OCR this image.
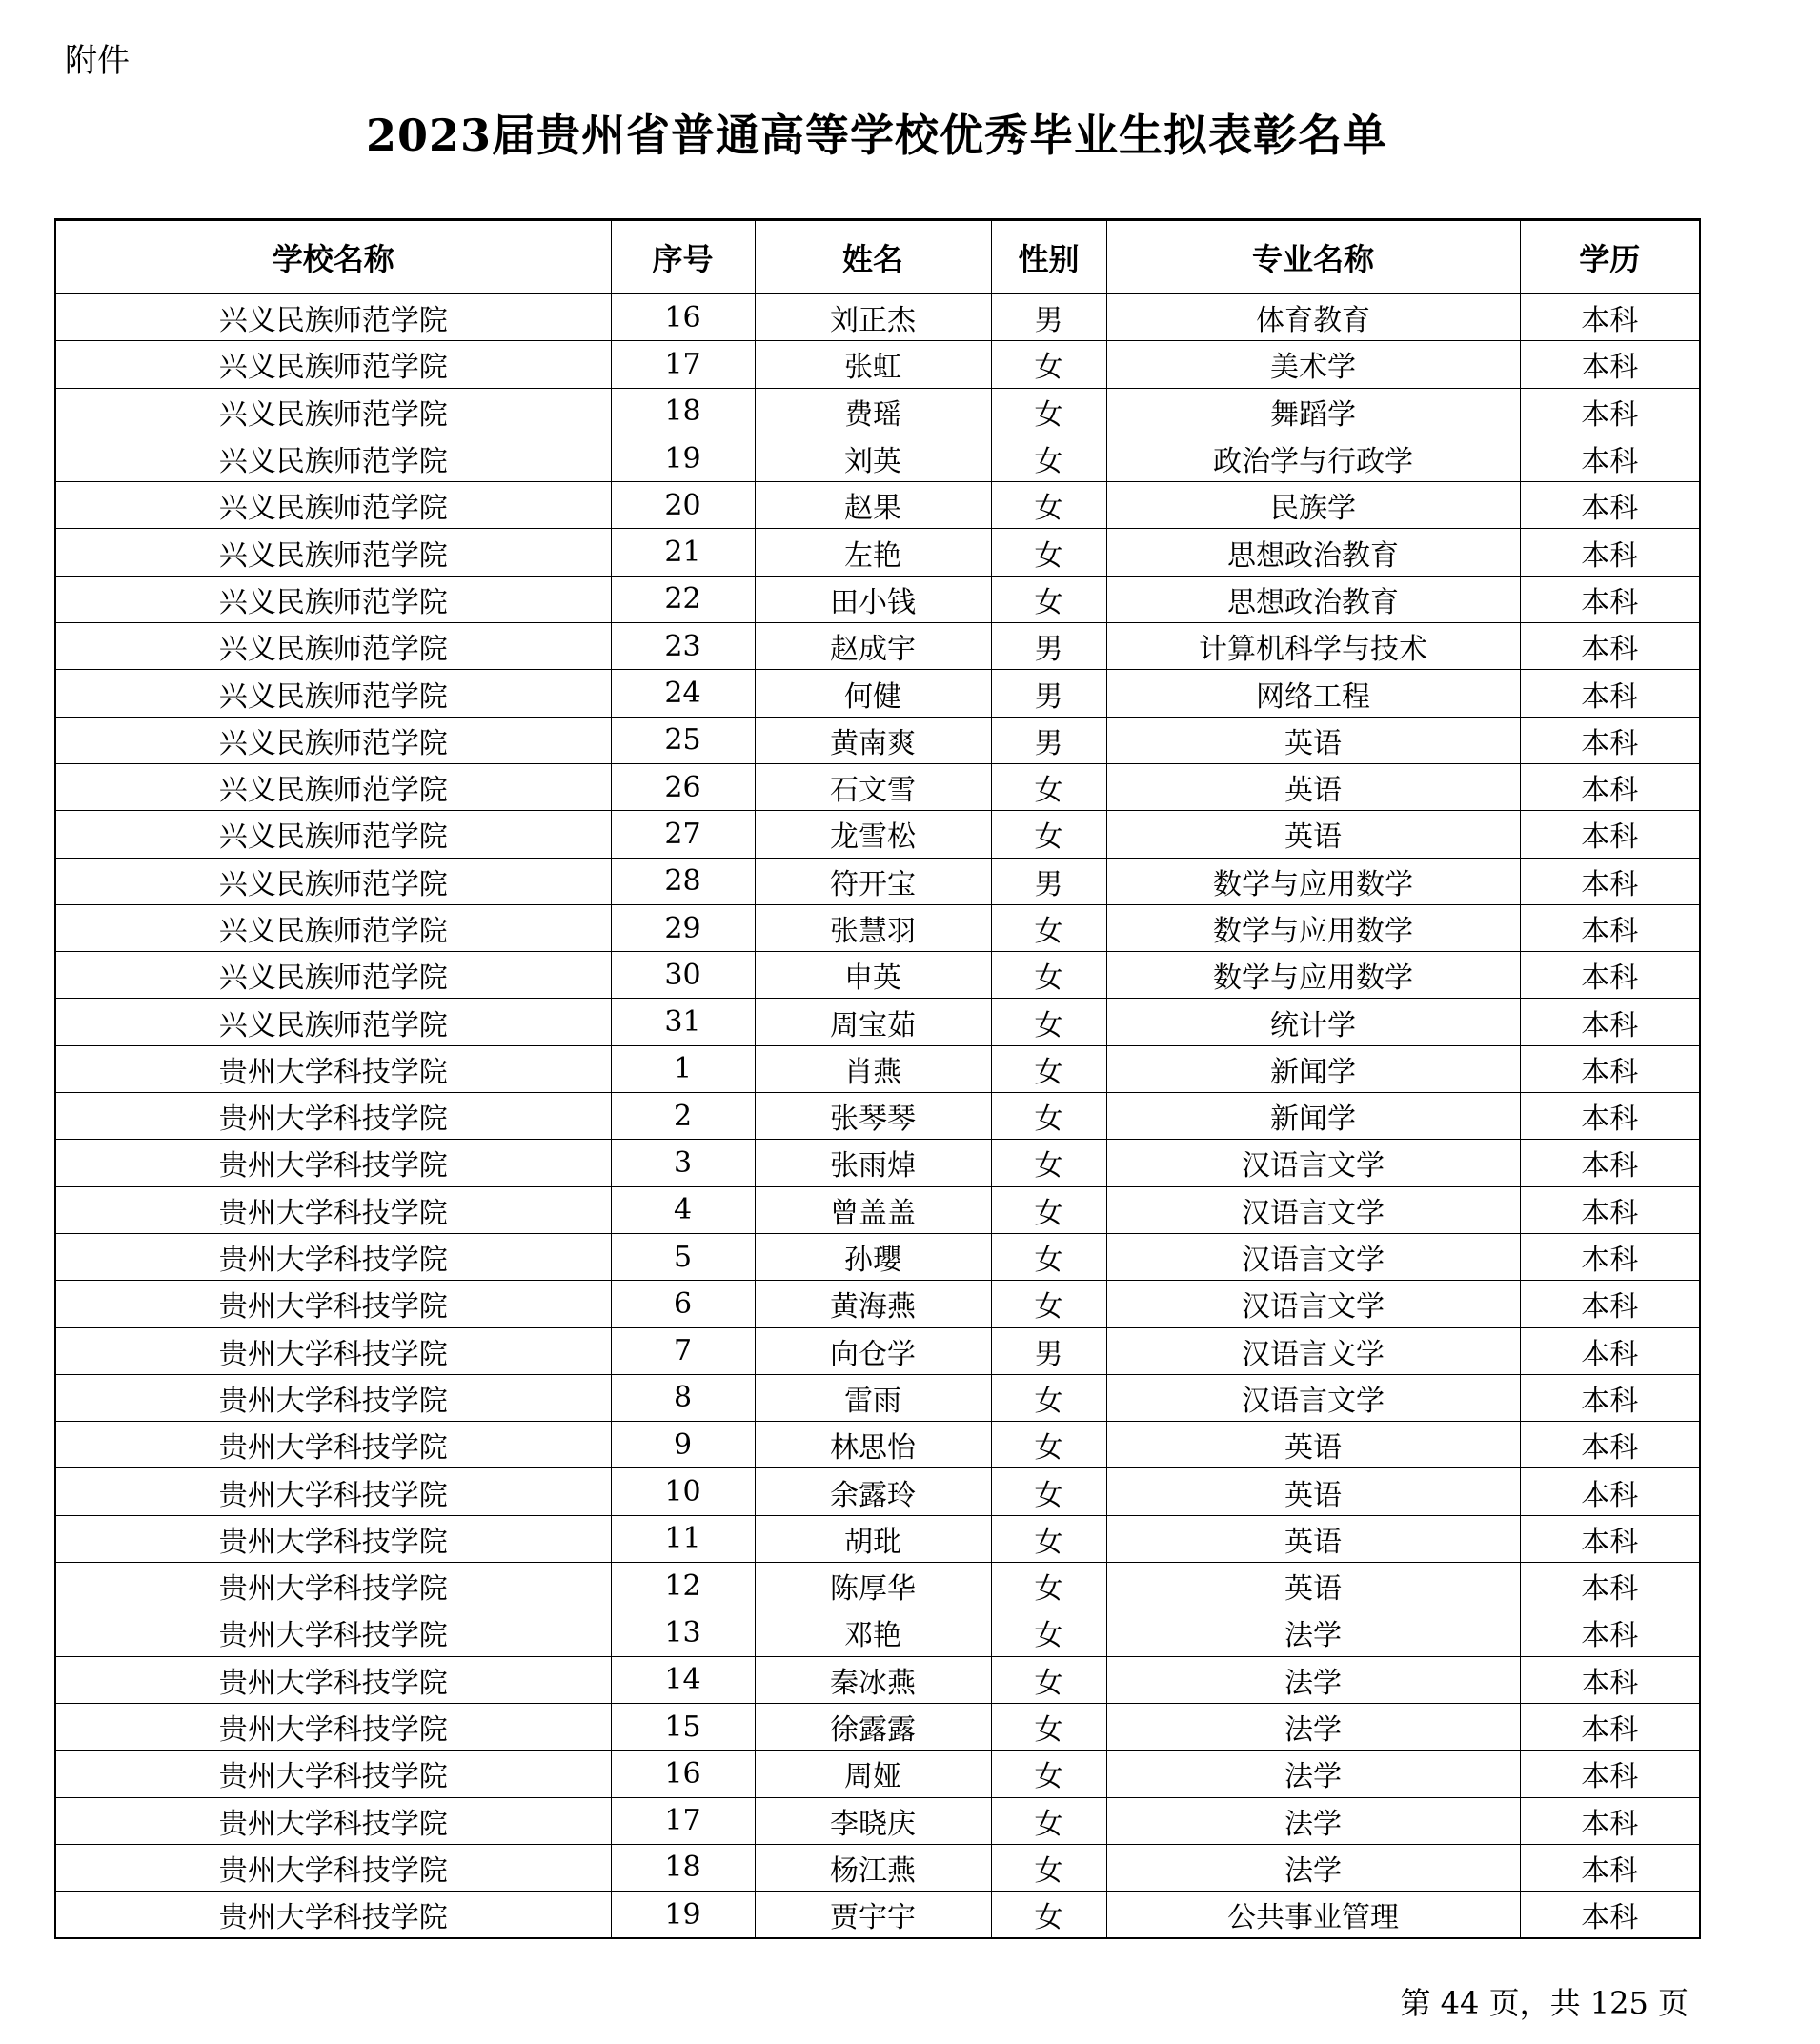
附件
2023届贵州省普通高等学校优秀毕业生拟表彰名单
学校名称	序号	姓名	性别	专业名称	学历
兴义民族师范学院	16	刘正杰	男	体育教育	本科
兴义民族师范学院	17	张虹	女	美术学	本科
兴义民族师范学院	18	费瑶	女	舞蹈学	本科
兴义民族师范学院	19	刘英	女	政治学与行政学	本科
兴义民族师范学院	20	赵果	女	民族学	本科
兴义民族师范学院	21	左艳	女	思想政治教育	本科
兴义民族师范学院	22	田小钱	女	思想政治教育	本科
兴义民族师范学院	23	赵成宇	男	计算机科学与技术	本科
兴义民族师范学院	24	何健	男	网络工程	本科
兴义民族师范学院	25	黄南爽	男	英语	本科
兴义民族师范学院	26	石文雪	女	英语	本科
兴义民族师范学院	27	龙雪松	女	英语	本科
兴义民族师范学院	28	符开宝	男	数学与应用数学	本科
兴义民族师范学院	29	张慧羽	女	数学与应用数学	本科
兴义民族师范学院	30	申英	女	数学与应用数学	本科
兴义民族师范学院	31	周宝茹	女	统计学	本科
贵州大学科技学院	1	肖燕	女	新闻学	本科
贵州大学科技学院	2	张琴琴	女	新闻学	本科
贵州大学科技学院	3	张雨焯	女	汉语言文学	本科
贵州大学科技学院	4	曾盖盖	女	汉语言文学	本科
贵州大学科技学院	5	孙瓔	女	汉语言文学	本科
贵州大学科技学院	6	黄海燕	女	汉语言文学	本科
贵州大学科技学院	7	向仓学	男	汉语言文学	本科
贵州大学科技学院	8	雷雨	女	汉语言文学	本科
贵州大学科技学院	9	林思怡	女	英语	本科
贵州大学科技学院	10	余露玲	女	英语	本科
贵州大学科技学院	11	胡玭	女	英语	本科
贵州大学科技学院	12	陈厚华	女	英语	本科
贵州大学科技学院	13	邓艳	女	法学	本科
贵州大学科技学院	14	秦冰燕	女	法学	本科
贵州大学科技学院	15	徐露露	女	法学	本科
贵州大学科技学院	16	周娅	女	法学	本科
贵州大学科技学院	17	李晓庆	女	法学	本科
贵州大学科技学院	18	杨江燕	女	法学	本科
贵州大学科技学院	19	贾宇宇	女	公共事业管理	本科
第 44 页，共 125 页
